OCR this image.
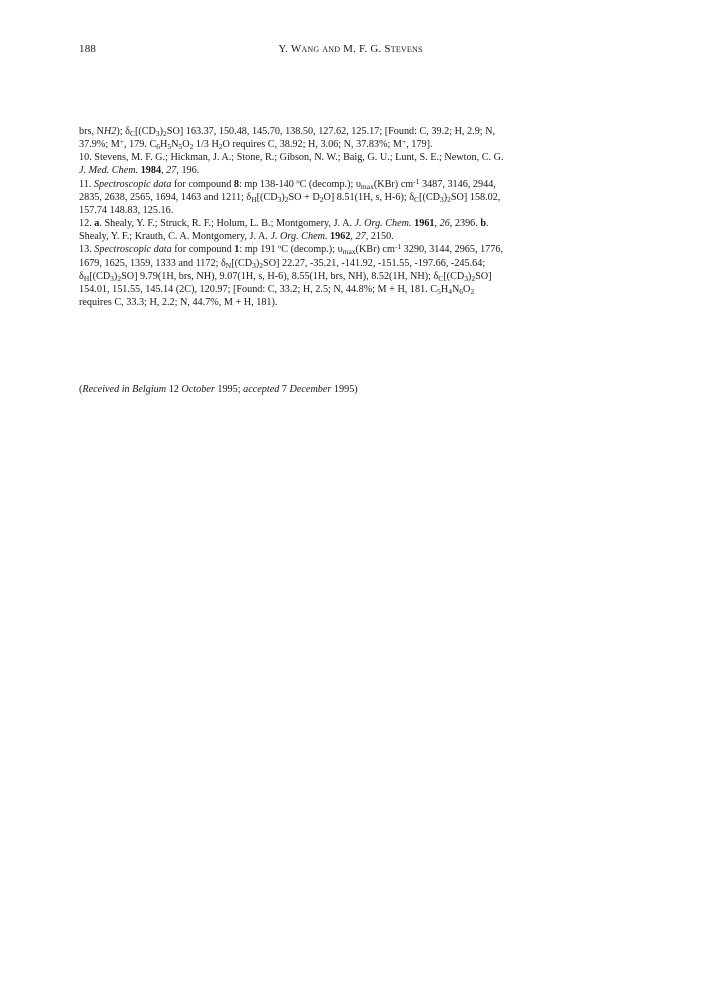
188	Y. Wang and M. F. G. Stevens
brs, NH2); $\delta_C[(CD_3)_2SO]$ 163.37, 150.48, 145.70, 138.50, 127.62, 125.17; [Found: C, 39.2; H, 2.9; N,
37.9%; M+, 179. $C_6H_5N_5O_2$ 1/3 $H_2O$ requires C, 38.92; H, 3.06; N, 37.83%; M+, 179].
10. Stevens, M. F. G.; Hickman, J. A.; Stone, R.; Gibson, N. W.; Baig, G. U.; Lunt, S. E.; Newton, C. G.
J. Med. Chem. 1984, 27, 196.
11. Spectroscopic data for compound 8: mp 138-140 ºC (decomp.); $\upsilon_{max}(KBr)$ $cm^{-1}$ 3487, 3146, 2944,
2835, 2638, 2565, 1694, 1463 and 1211; $\delta_H[(CD_3)_2SO + D_2O]$ 8.51(1H, s, H-6); $\delta_C[(CD_3)_2SO]$ 158.02,
157.74 148.83, 125.16.
12. a. Shealy, Y. F.; Struck, R. F.; Holum, L. B.; Montgomery, J. A. J. Org. Chem. 1961, 26, 2396. b.
Shealy, Y. F.; Krauth, C. A. Montgomery, J. A. J. Org. Chem. 1962, 27, 2150.
13. Spectroscopic data for compound 1: mp 191 ºC (decomp.); $\upsilon_{max}(KBr)$ $cm^{-1}$ 3290, 3144, 2965, 1776,
1679, 1625, 1359, 1333 and 1172; $\delta_N[(CD_3)_2SO]$ 22.27, -35.21, -141.92, -151.55, -197.66, -245.64;
$\delta_H[(CD_3)_2SO]$ 9.79(1H, brs, NH), 9.07(1H, s, H-6), 8.55(1H, brs, NH), 8.52(1H, NH); $\delta_C[(CD_3)_2SO]$
154.01, 151.55, 145.14 (2C), 120.97; [Found: C, 33.2; H, 2.5; N, 44.8%; M + H, 181. $C_5H_4N_6O_2$
requires C, 33.3; H, 2.2; N, 44.7%, M + H, 181).
(Received in Belgium 12 October 1995; accepted 7 December 1995)
